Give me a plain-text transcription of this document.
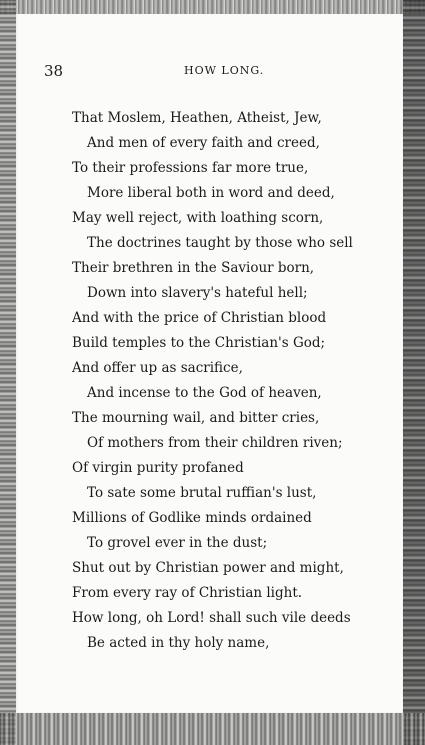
38	HOW LONG.
That Moslem, Heathen, Atheist, Jew,
And men of every faith and creed,
To their professions far more true,
More liberal both in word and deed,
May well reject, with loathing scorn,
The doctrines taught by those who sell
Their brethren in the Saviour born,
Down into slavery's hateful hell;
And with the price of Christian blood
Build temples to the Christian's God;
And offer up as sacrifice,
And incense to the God of heaven,
The mourning wail, and bitter cries,
Of mothers from their children riven;
Of virgin purity profaned
To sate some brutal ruffian's lust,
Millions of Godlike minds ordained
To grovel ever in the dust;
Shut out by Christian power and might,
From every ray of Christian light.
How long, oh Lord! shall such vile deeds
Be acted in thy holy name,
